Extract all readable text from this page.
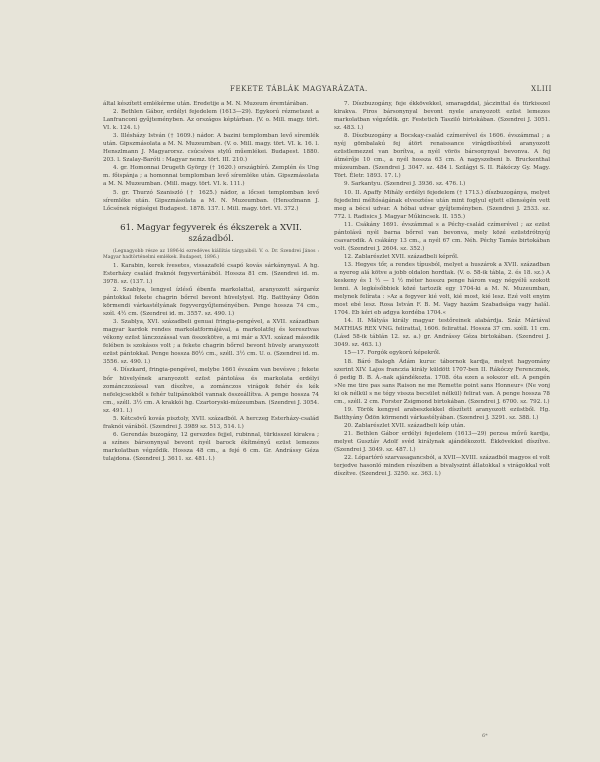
FEKETE TÁBLÁK MAGYARÁZATA.	XLIII

által készített emlékérme után. Eredetije a M. N. Muzeum éremtárában.

2. Bethlen Gábor, erdélyi fejedelem (1613—29). Egykorú rézmetszet a Lanfranconi gyűjteményben. Az országos képtárban. (V. o. Mill. magy. tört. VI. k. 124. l.)

3. Illésházy István († 1609.) nádor. A bazini templomban levő síremlék után. Gipszmásolata a M. N. Muzeumban. (V. o. Mill. magy. tört. VI. k. 16. l. Henszlmann J. Magyarorsz. csúcsíves stylű műemlékei. Budapest. 1880. 203. l. Szalay-Baróti : Magyar nemz. tört. III. 210.)

4. gr. Homonnai Drugeth György († 1620.) országbíró. Zemplén és Ung m. főispánja ; a homonnai templomban levő síremléke után. Gipszmásolata a M. N. Muzeumban. (Mill. magy. tört. VI. k. 111.)

5. gr. Thurzó Szaniszló († 1625.) nádor, a lőcsei templomban levő síremléke után. Gipszmásolata a M. N. Muzeumban. (Henszlmann J. Lőcsének régiségei Budapest. 1878. 137. l. Mill. magy. tört. VI. 372.)

61. Magyar fegyverek és ékszerek a XVII. századból.

(Legnagyobb része az 1896-ki ezredéves kiállítás tárgyaiból. V. o. Dr. Szendrei János : Magyar hadtörténelmi emlékek. Budapest, 1896.)

1. Karabin, kerek ívesetes, vissazafelé csapó kovás sárkánynyal. A hg. Esterházy család fraknói fegyvertárából. Hossza 81 cm. (Szendrei id. m. 3978. sz. (137. l.)

2. Szablya, lengyel ízlésű ébenfa markolattal, aranyozott sárgaréz pántokkal fekete chagrin bőrrel bevont hüvelylyel. Hg. Batthyány Ödön körmendi várkastélyának fegyvergyűjteményében. Penge hossza 74 cm., szél. 4½ cm. (Szendrei id. m. 3557. sz. 490. l.)

3. Szablya, XVI. századbeli genuai fringia-pengével, a XVII. században magyar kardok rendes markolatformájával, a markolatfej és keresztvas vékony ezüst lánczozással van összekötve, a mi már a XVI. század második felében is szokásos volt ; a fekete chagrin bőrrel bevont hüvely aranyozott ezüst pántokkal. Penge hossza 80½ cm., széll. 3½ cm. U. o. (Szendrei id. m. 3556. sz. 490. l.)

4. Díszkard, fringia-pengével, melybe 1661 évszám van bevésve ; fekete bőr hüvelyének aranyozott ezüst pántolása és markolata erdélyi zománczozással van díszítve, a zománczos virágok fehér és kék nefelejcsekből s fehér tulipánokból vannak összeállítva. A penge hossza 74 cm., széll. 3½ cm. A krakkói hg. Czartoryski-múzeumban. (Szendrei J. 3054. sz. 491. l.)

5. Kétcsövű kovás pisztoly, XVII. századból. A herczeg Esterházy-család fraknói várából. (Szendrei J. 3989 sz. 513, 514. l.)

6. Gerendás buzogány, 12 gerezdes fejjel, rubinnal, türkisszel kirakva ; a színes bársonynyal bevont nyél barock ékítményű ezüst lemezes markolatban végződik. Hossza 48 cm., a fejé 6 cm. Gr. Andrássy Géza tulajdona. (Szendrei J. 3611. sz. 481. l.)

7. Díszbuzogány, feje ékkövekkel, smaragddal, jáczinttal és türkisszel kirakva. Piros bársonynyal bevont nyele aranyozott ezüst lemezes markolatban végződik. gr. Festetich Tasziló birtokában. (Szendrei J. 3051. sz. 483. l.)

8. Díszbuzogány a Bocskay-család czímerével és 1606. évszámmal ; a nyéj gömbalakú fej átört renaissance virágdíszítésű aranyozott ezüstlemezzel van borítva, a nyél vörös bársonynyal bevonva. A fej átmérője 10 cm., a nyél hossza 63 cm. A nagyszebeni b. Bruckenthal múzeumban. (Szendrei J. 3047. sz. 484 l. Szilágyi S. II. Rákóczy Gy. Magy. Tört. Életr. 1893. 17. l.)

9. Sarkantyu. (Szendrei J. 3936. sz. 476. l.)

10. II. Apaffy Mihály erdélyi fejedelem († 1713.) díszbuzogánya, melyet fejedelmi méltóságának elvesztése után mint foglyul ejtett ellenségén vett meg a bécsi udvar. A hóbai udvar gyűjteményben. (Szendrei J. 2533. sz. 772. l. Radisics J. Magyar Műkincsek. II. 155.)

11. Csákány 1691. évszámmal s a Péchy-család czímerével ; az ezüst pántolású nyél barna bőrrel van bevonva, mely közé ezüstdrótnyúj csavarodik. A csákány 13 cm., a nyél 67 cm. Néh. Péchy Tamás birtokában volt. (Szendrei J. 2604. sz. 352.)

12. Zablarészlet XVII. századbeli képről.

13. Hegyes tőr, a rendes típusból, melyet a huszárok a XVII. században a nyereg alá kötve a jobb oldalon hordtak. (V. o. 58-ik tábla, 2. és 18. sz.) A keskeny és 1 ½ — 1 ½ méter hosszu penge három vagy négyélű szokott lenni. A legkésőbbiek közé tartozik egy 1704-ki a M. N. Muzeumban, melynek felírata : »Az a fegyver kié volt, kié most, kié lesz. Ezé volt enyim most ebé lesz. Rosa István F. B. M. Vagy hazám Szabadsága vagy halál. 1704. Eb kéri eb adgya kordéba 1704.«

14. II. Mátyás király magyar testőreinek alabárdja. Száz Máriával MATHIAS REX VNG. felirattal, 1606. felirattal. Hossza 37 cm. széll. 11 cm. (Lásd 58-ik táblán 12. sz. a.) gr. Andrássy Géza birtokában. (Szendrei J. 3049. sz. 463. l.)

15—17. Forgók egykorú képekről.

18. Báró Balogh Ádám kuruc tábornok kardja, melyet hagyomány szerint XIV. Lajos franczia király küldött 1707-ben II. Rákóczy Ferencznek, ő pedig B. B. Á.-nak ajándékozta. 1708. óta ezen a sokszor elt. A pengén »Ne me tire pas sans Raison ne me Remette point sans Honneur« (Ne vonj ki ok nélkül s ne tégy vissza becsület nélkül) felirat van. A penge hossza 78 cm., széll. 2 cm. Forster Zsigmond birtokában. (Szendrei J. 6700. sz. 792. l.)

19. Török kengyel arabeszkekkel díszített aranyozott ezüstből. Hg. Batthyány Ödön körmendi várkastélyában. (Szendrei J. 3291. sz. 388. l.)

20. Zablarészlet XVII. századbeli kép után.

21. Bethlen Gábor erdélyi fejedelem (1613—29) perzsa művű kardja, melyet Gusztáv Adolf svéd királynak ajándékozott. Ékkövekkel díszítve. (Szendrei J. 3049. sz. 487. l.)

22. Lópartóró szarvasagancsból, a XVII—XVIII. századból magyos el volt terjedve hasonló minden részében a bivalyszint állatokkal s virágokkal volt díszítve. (Szendrei J. 3250. sz. 363. l.)

6*
